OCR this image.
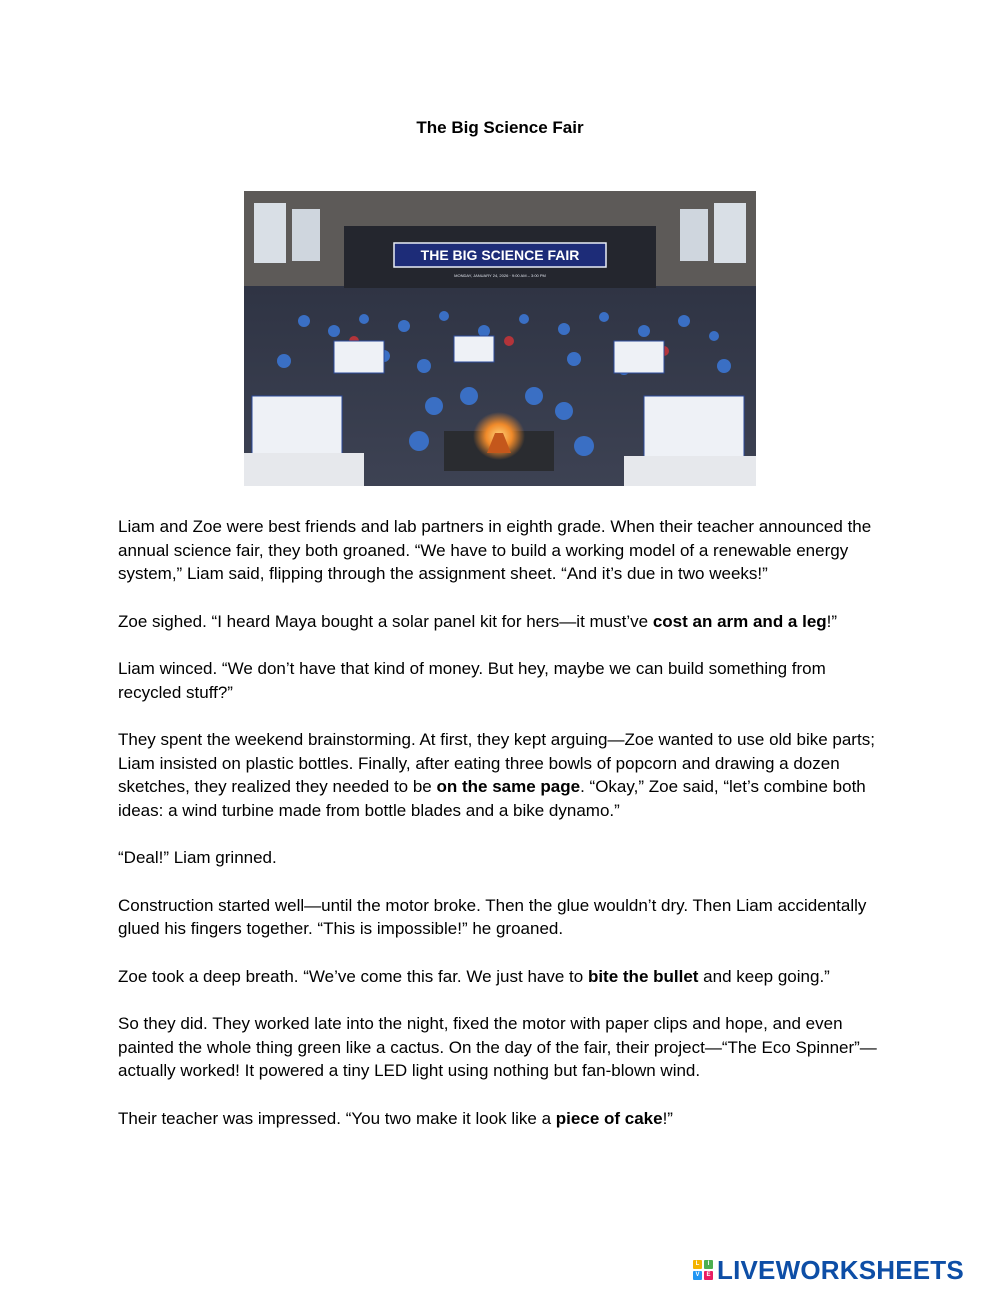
The Big Science Fair
THE BIG SCIENCE FAIR
MONDAY, JANUARY 24, 2026 · 9:00 AM – 3:00 PM

Liam and Zoe were best friends and lab partners in eighth grade. When their teacher announced the annual science fair, they both groaned. “We have to build a working model of a renewable energy system,” Liam said, flipping through the assignment sheet. “And it’s due in two weeks!”

Zoe sighed. “I heard Maya bought a solar panel kit for hers—it must’ve cost an arm and a leg!”

Liam winced. “We don’t have that kind of money. But hey, maybe we can build something from recycled stuff?”

They spent the weekend brainstorming. At first, they kept arguing—Zoe wanted to use old bike parts; Liam insisted on plastic bottles. Finally, after eating three bowls of popcorn and drawing a dozen sketches, they realized they needed to be on the same page. “Okay,” Zoe said, “let’s combine both ideas: a wind turbine made from bottle blades and a bike dynamo.”

“Deal!” Liam grinned.

Construction started well—until the motor broke. Then the glue wouldn’t dry. Then Liam accidentally glued his fingers together. “This is impossible!” he groaned.

Zoe took a deep breath. “We’ve come this far. We just have to bite the bullet and keep going.”

So they did. They worked late into the night, fixed the motor with paper clips and hope, and even painted the whole thing green like a cactus. On the day of the fair, their project—“The Eco Spinner”—actually worked! It powered a tiny LED light using nothing but fan-blown wind.

Their teacher was impressed. “You two make it look like a piece of cake!”

L	I
V	E LIVEWORKSHEETS
